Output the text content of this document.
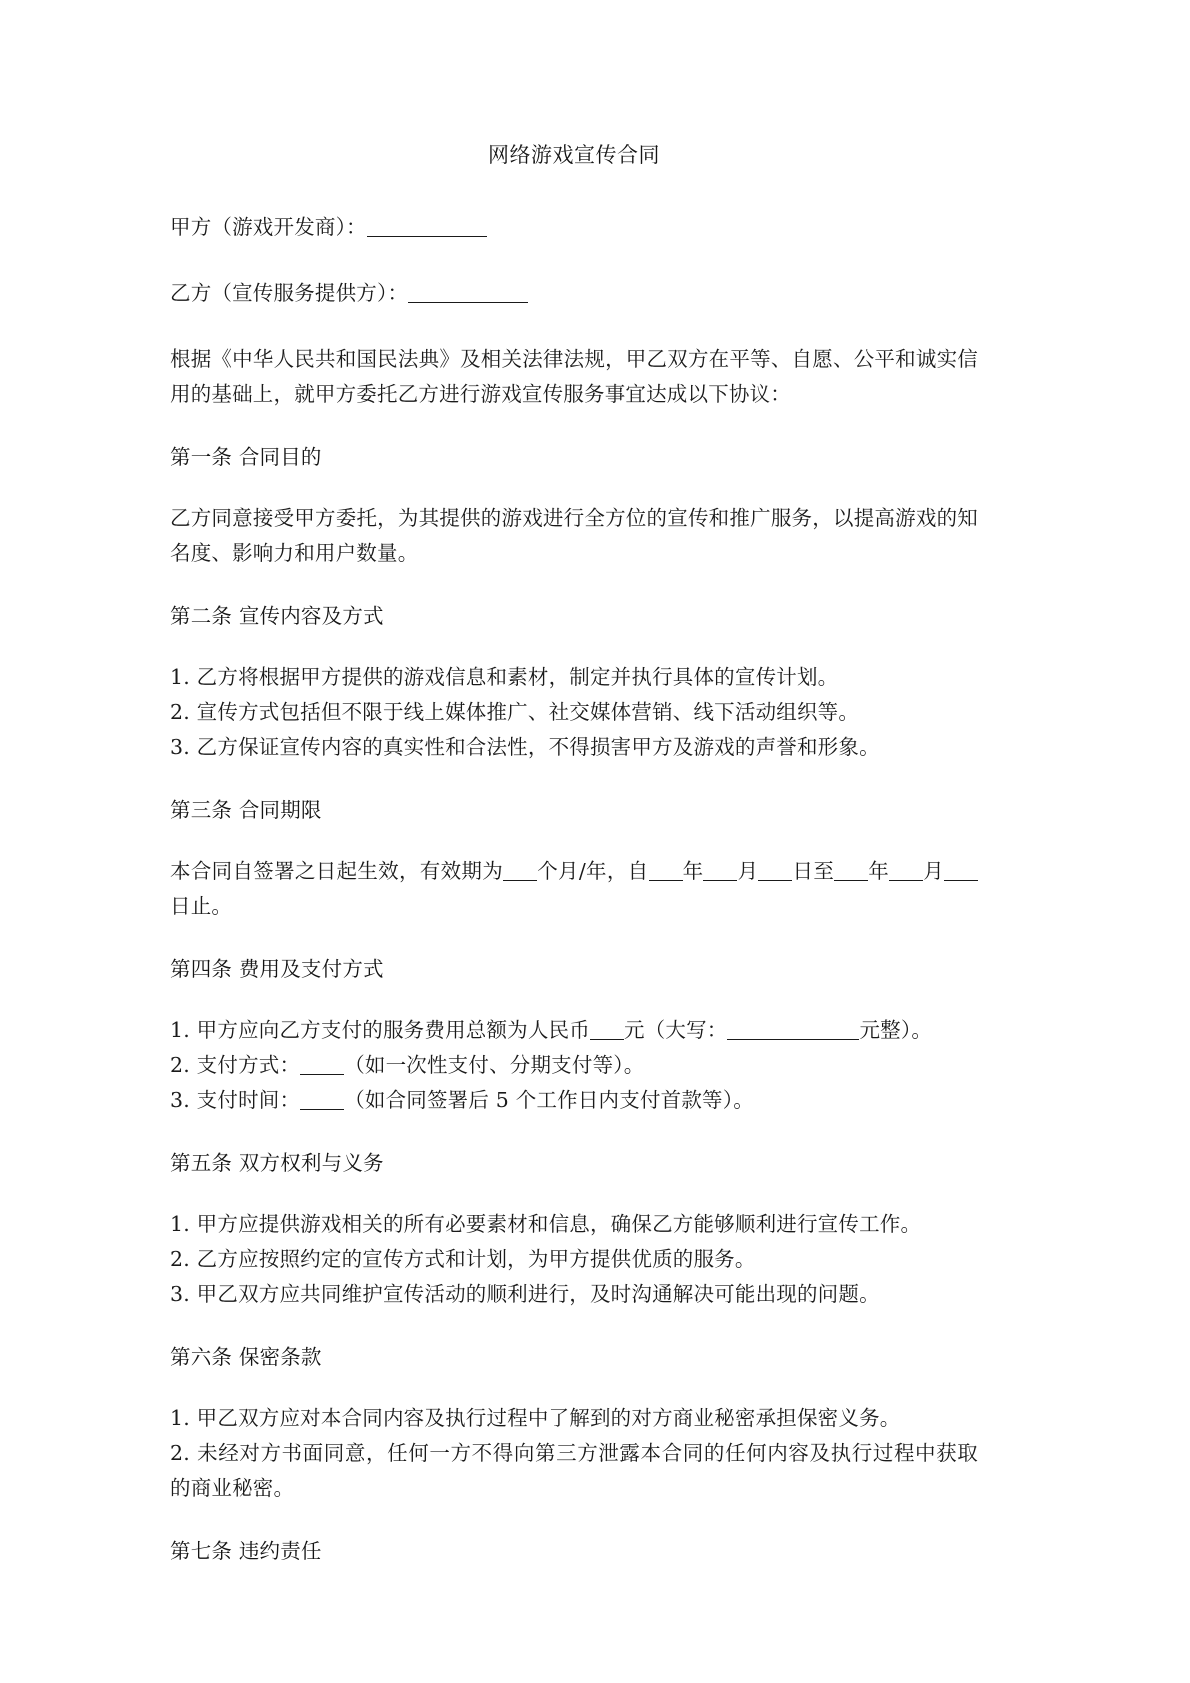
网络游戏宣传合同

甲方（游戏开发商）：

乙方（宣传服务提供方）：

根据《中华人民共和国民法典》及相关法律法规，甲乙双方在平等、自愿、公平和诚实信用的基础上，就甲方委托乙方进行游戏宣传服务事宜达成以下协议：

第一条 合同目的

乙方同意接受甲方委托，为其提供的游戏进行全方位的宣传和推广服务，以提高游戏的知名度、影响力和用户数量。

第二条 宣传内容及方式
1. 乙方将根据甲方提供的游戏信息和素材，制定并执行具体的宣传计划。
2. 宣传方式包括但不限于线上媒体推广、社交媒体营销、线下活动组织等。
3. 乙方保证宣传内容的真实性和合法性，不得损害甲方及游戏的声誉和形象。
第三条 合同期限

本合同自签署之日起生效，有效期为 个月/年，自 年 月 日至 年 月日止。

第四条 费用及支付方式
1. 甲方应向乙方支付的服务费用总额为人民币 元（大写：	元整）。
2. 支付方式： （如一次性支付、分期支付等）。
3. 支付时间： （如合同签署后 5 个工作日内支付首款等）。
第五条 双方权利与义务
1. 甲方应提供游戏相关的所有必要素材和信息，确保乙方能够顺利进行宣传工作。
2. 乙方应按照约定的宣传方式和计划，为甲方提供优质的服务。
3. 甲乙双方应共同维护宣传活动的顺利进行，及时沟通解决可能出现的问题。
第六条 保密条款
1. 甲乙双方应对本合同内容及执行过程中了解到的对方商业秘密承担保密义务。
2. 未经对方书面同意，任何一方不得向第三方泄露本合同的任何内容及执行过程中获取的商业秘密。
第七条 违约责任
